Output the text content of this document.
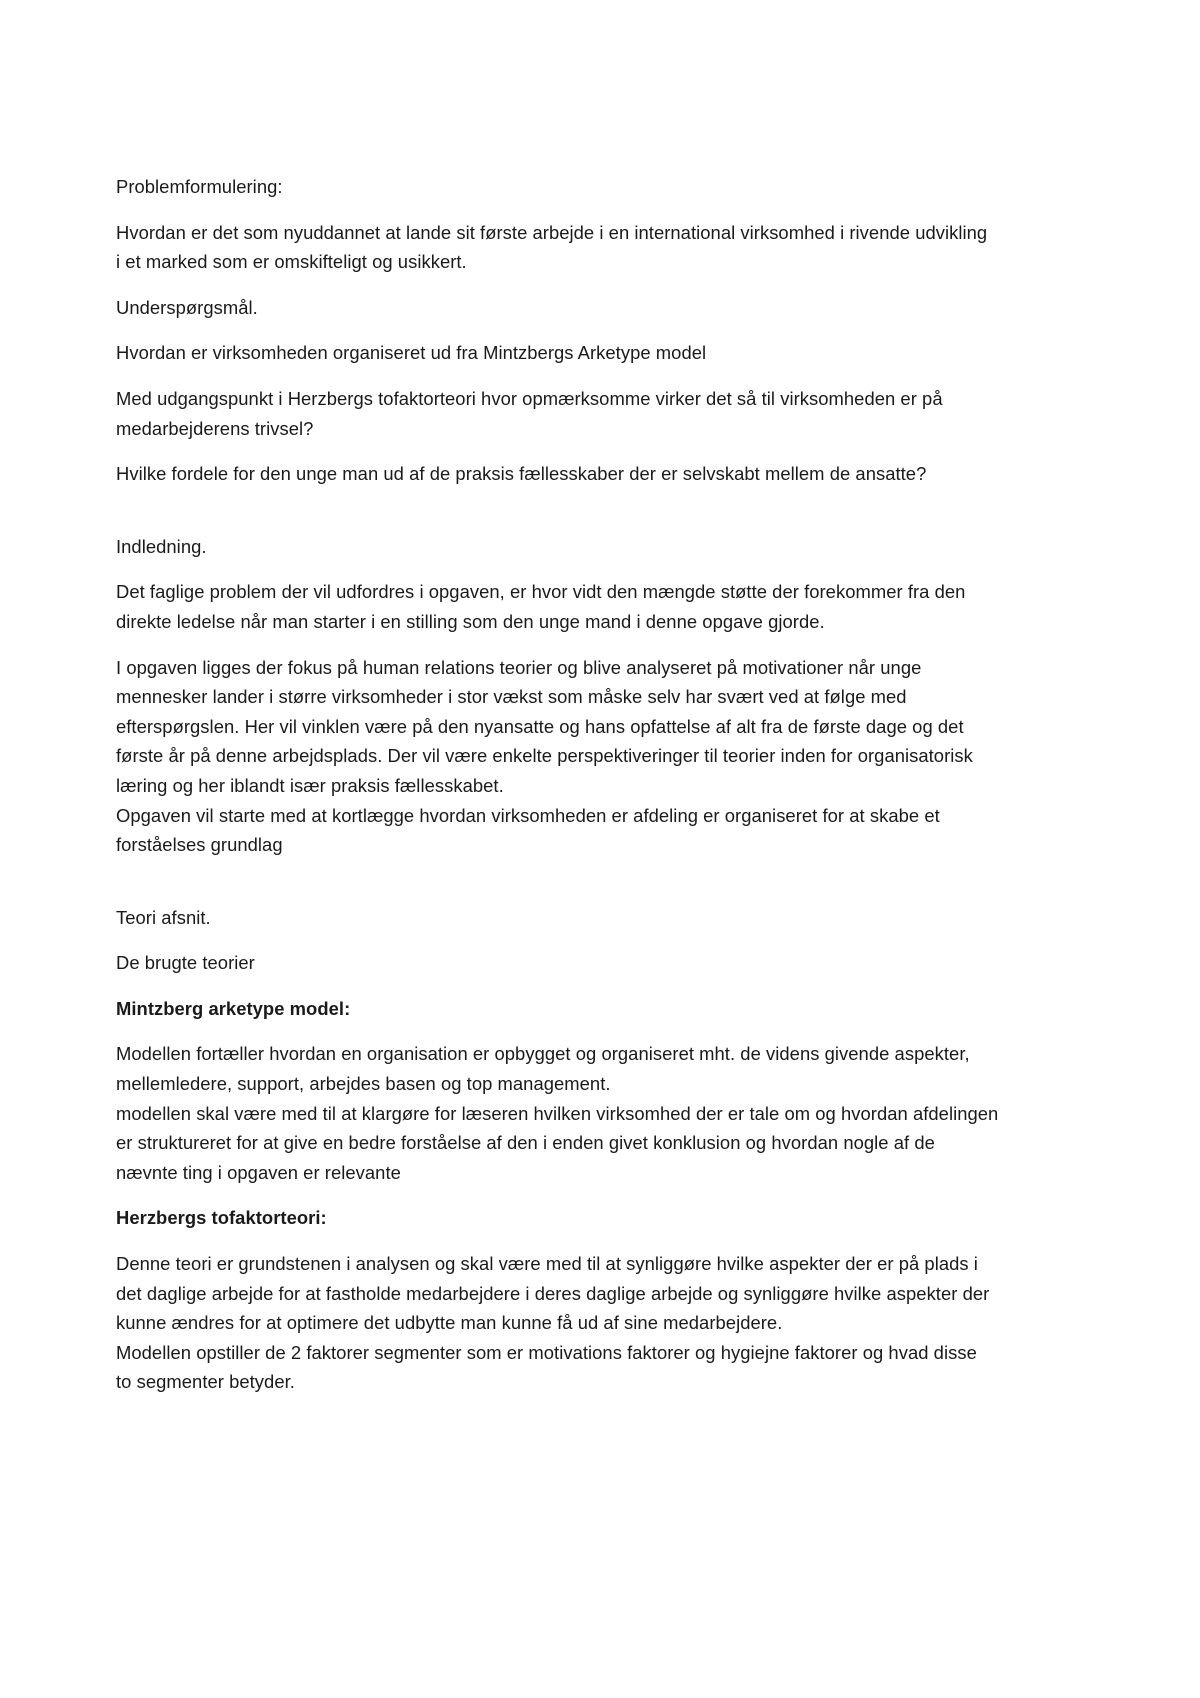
Problemformulering:

Hvordan er det som nyuddannet at lande sit første arbejde i en international virksomhed i rivende udvikling
i et marked som er omskifteligt og usikkert.

Underspørgsmål.

Hvordan er virksomheden organiseret ud fra Mintzbergs Arketype model

Med udgangspunkt i Herzbergs tofaktorteori hvor opmærksomme virker det så til virksomheden er på
medarbejderens trivsel?

Hvilke fordele for den unge man ud af de praksis fællesskaber der er selvskabt mellem de ansatte?

Indledning.

Det faglige problem der vil udfordres i opgaven, er hvor vidt den mængde støtte der forekommer fra den
direkte ledelse når man starter i en stilling som den unge mand i denne opgave gjorde.

I opgaven ligges der fokus på human relations teorier og blive analyseret på motivationer når unge
mennesker lander i større virksomheder i stor vækst som måske selv har svært ved at følge med
efterspørgslen. Her vil vinklen være på den nyansatte og hans opfattelse af alt fra de første dage og det
første år på denne arbejdsplads. Der vil være enkelte perspektiveringer til teorier inden for organisatorisk
læring og her iblandt især praksis fællesskabet.
Opgaven vil starte med at kortlægge hvordan virksomheden er afdeling er organiseret for at skabe et
forståelses grundlag

Teori afsnit.

De brugte teorier

Mintzberg arketype model:

Modellen fortæller hvordan en organisation er opbygget og organiseret mht. de videns givende aspekter,
mellemledere, support, arbejdes basen og top management.
modellen skal være med til at klargøre for læseren hvilken virksomhed der er tale om og hvordan afdelingen
er struktureret for at give en bedre forståelse af den i enden givet konklusion og hvordan nogle af de
nævnte ting i opgaven er relevante

Herzbergs tofaktorteori:

Denne teori er grundstenen i analysen og skal være med til at synliggøre hvilke aspekter der er på plads i
det daglige arbejde for at fastholde medarbejdere i deres daglige arbejde og synliggøre hvilke aspekter der
kunne ændres for at optimere det udbytte man kunne få ud af sine medarbejdere.
Modellen opstiller de 2 faktorer segmenter som er motivations faktorer og hygiejne faktorer og hvad disse
to segmenter betyder.
